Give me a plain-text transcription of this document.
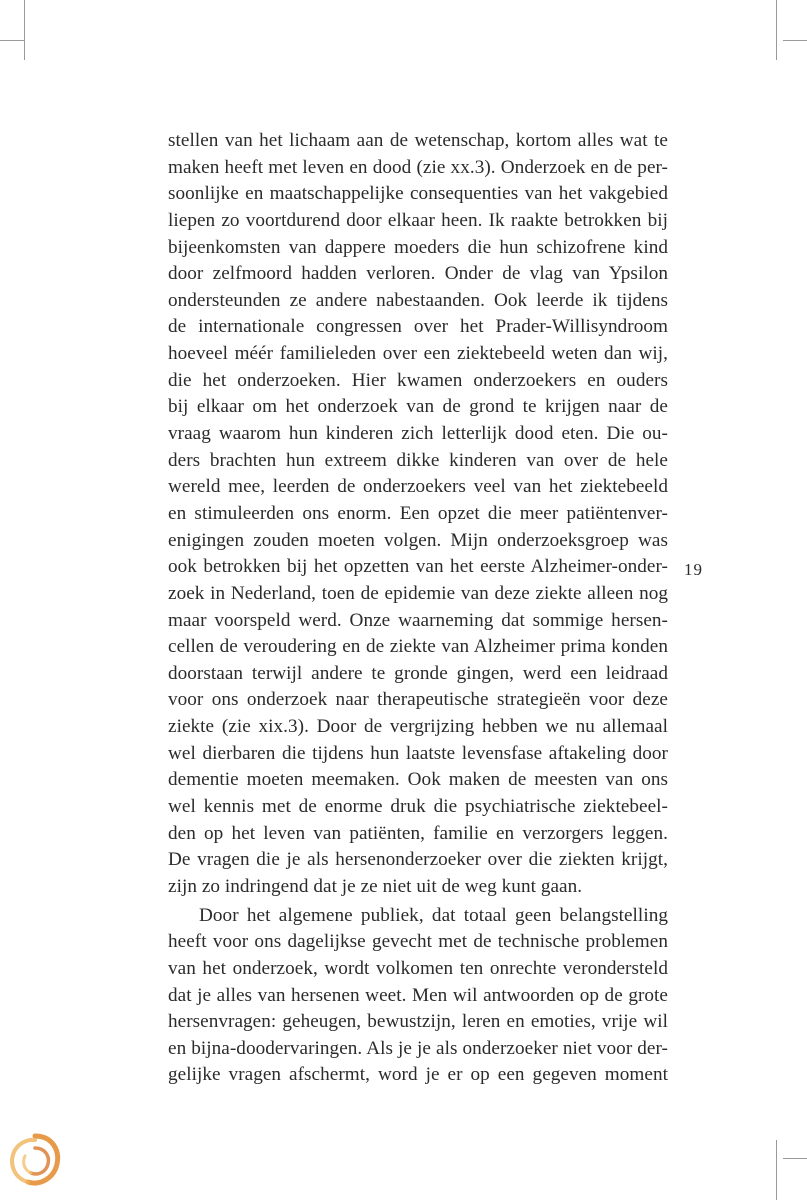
stellen van het lichaam aan de wetenschap, kortom alles wat te
maken heeft met leven en dood (zie xx.3). Onderzoek en de per-
soonlijke en maatschappelijke consequenties van het vakgebied
liepen zo voortdurend door elkaar heen. Ik raakte betrokken bij
bijeenkomsten van dappere moeders die hun schizofrene kind
door zelfmoord hadden verloren. Onder de vlag van Ypsilon
ondersteunden ze andere nabestaanden. Ook leerde ik tijdens
de internationale congressen over het Prader-Willisyndroom
hoeveel méér familieleden over een ziektebeeld weten dan wij,
die het onderzoeken. Hier kwamen onderzoekers en ouders
bij elkaar om het onderzoek van de grond te krijgen naar de
vraag waarom hun kinderen zich letterlijk dood eten. Die ou-
ders brachten hun extreem dikke kinderen van over de hele
wereld mee, leerden de onderzoekers veel van het ziektebeeld
en stimuleerden ons enorm. Een opzet die meer patiëntenver-
enigingen zouden moeten volgen. Mijn onderzoeksgroep was
ook betrokken bij het opzetten van het eerste Alzheimer-onder-
zoek in Nederland, toen de epidemie van deze ziekte alleen nog
maar voorspeld werd. Onze waarneming dat sommige hersen-
cellen de veroudering en de ziekte van Alzheimer prima konden
doorstaan terwijl andere te gronde gingen, werd een leidraad
voor ons onderzoek naar therapeutische strategieën voor deze
ziekte (zie xix.3). Door de vergrijzing hebben we nu allemaal
wel dierbaren die tijdens hun laatste levensfase aftakeling door
dementie moeten meemaken. Ook maken de meesten van ons
wel kennis met de enorme druk die psychiatrische ziektebeel-
den op het leven van patiënten, familie en verzorgers leggen.
De vragen die je als hersenonderzoeker over die ziekten krijgt,
zijn zo indringend dat je ze niet uit de weg kunt gaan.
Door het algemene publiek, dat totaal geen belangstelling
heeft voor ons dagelijkse gevecht met de technische problemen
van het onderzoek, wordt volkomen ten onrechte verondersteld
dat je alles van hersenen weet. Men wil antwoorden op de grote
hersenvragen: geheugen, bewustzijn, leren en emoties, vrije wil
en bijna-doodervaringen. Als je je als onderzoeker niet voor der-
gelijke vragen afschermt, word je er op een gegeven moment
19
